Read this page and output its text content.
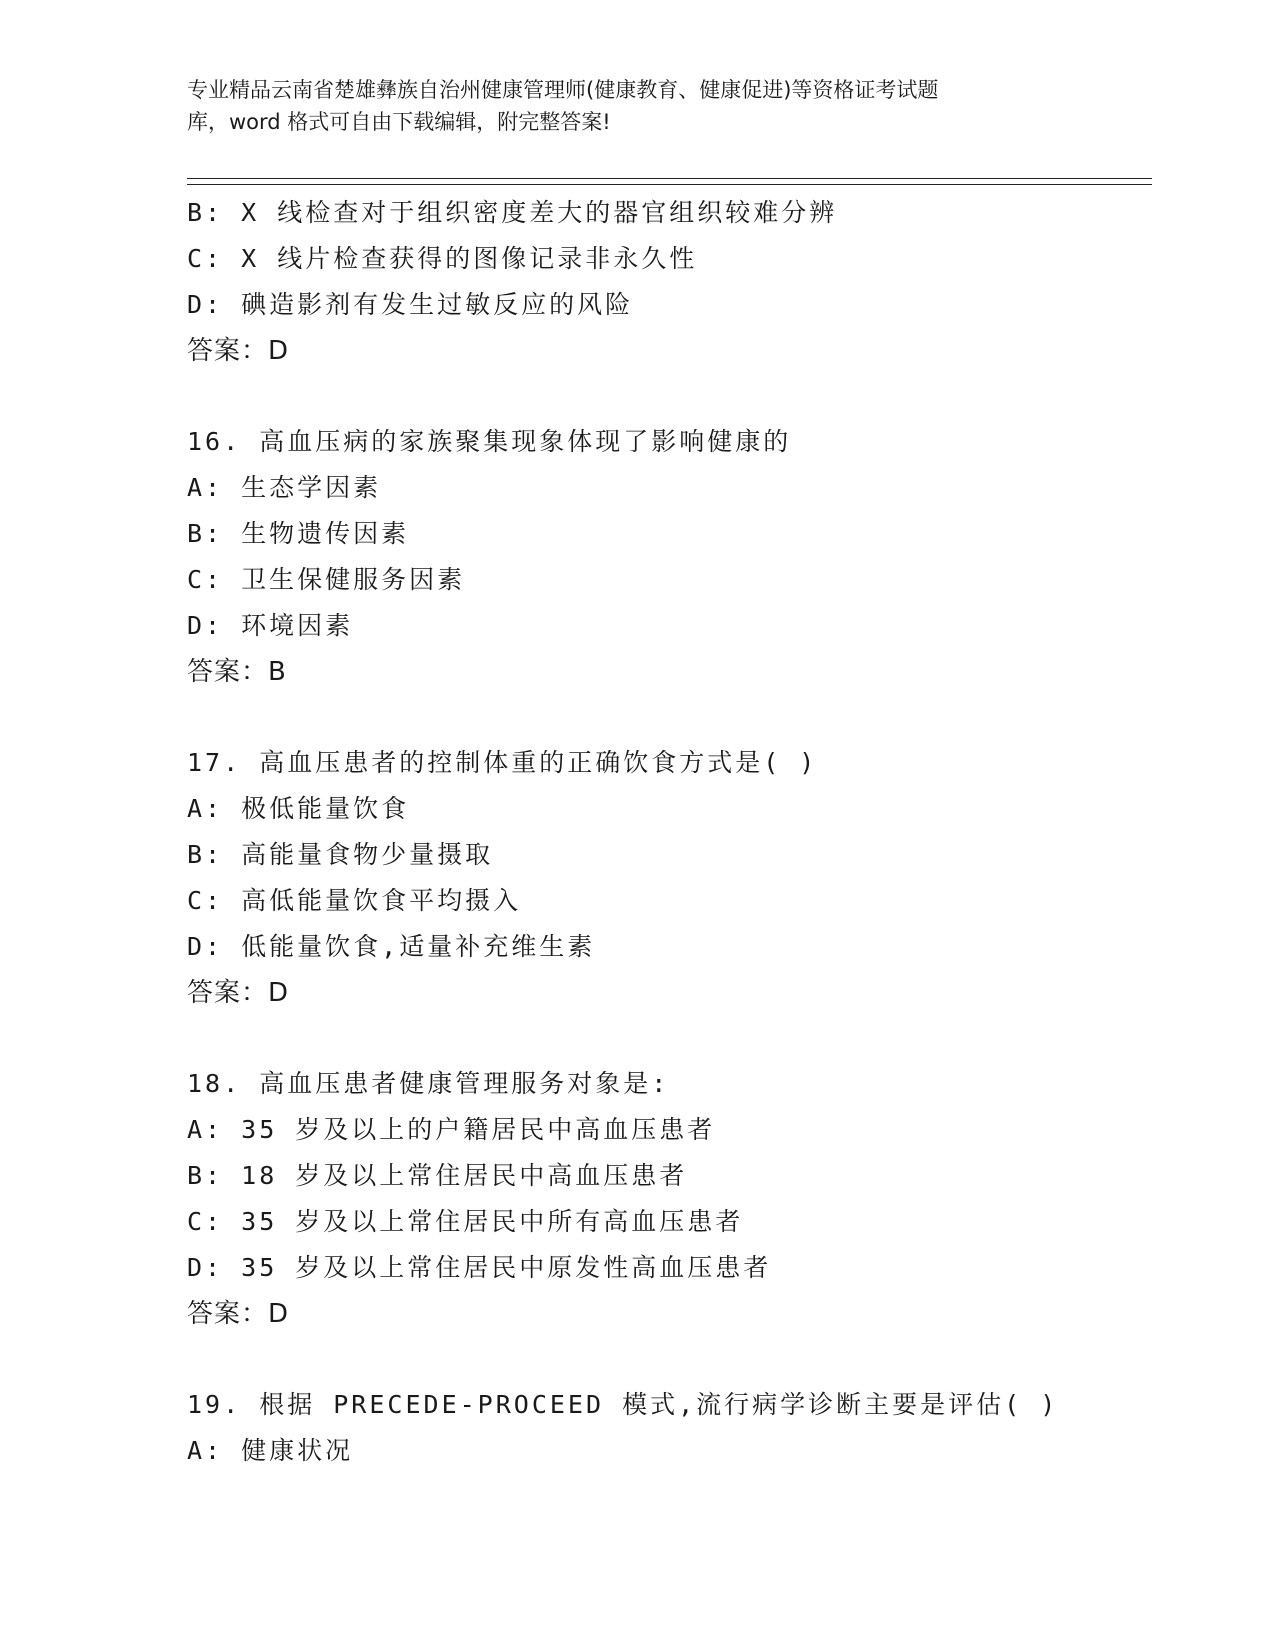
专业精品云南省楚雄彝族自治州健康管理师(健康教育、健康促进)等资格证考试题
库，word 格式可自由下载编辑，附完整答案!
B: X 线检查对于组织密度差大的器官组织较难分辨
C: X 线片检查获得的图像记录非永久性
D: 碘造影剂有发生过敏反应的风险
答案：D
16. 高血压病的家族聚集现象体现了影响健康的
A: 生态学因素
B: 生物遗传因素
C: 卫生保健服务因素
D: 环境因素
答案：B
17. 高血压患者的控制体重的正确饮食方式是( )
A: 极低能量饮食
B: 高能量食物少量摄取
C: 高低能量饮食平均摄入
D: 低能量饮食,适量补充维生素
答案：D
18. 高血压患者健康管理服务对象是:
A: 35 岁及以上的户籍居民中高血压患者
B: 18 岁及以上常住居民中高血压患者
C: 35 岁及以上常住居民中所有高血压患者
D: 35 岁及以上常住居民中原发性高血压患者
答案：D
19. 根据 PRECEDE-PROCEED 模式,流行病学诊断主要是评估( )
A: 健康状况
